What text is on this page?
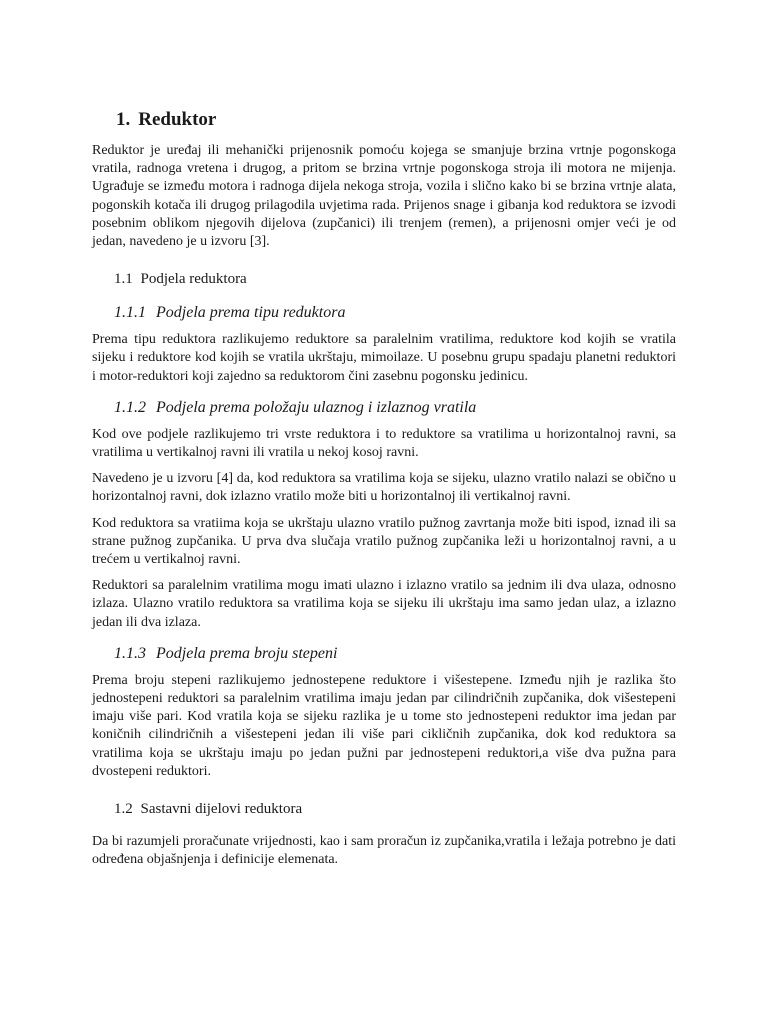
1. Reduktor

Reduktor je uređaj ili mehanički prijenosnik pomoću kojega se smanjuje brzina vrtnje pogonskoga vratila, radnoga vretena i drugog, a pritom se brzina vrtnje pogonskoga stroja ili motora ne mijenja. Ugrađuje se između motora i radnoga dijela nekoga stroja, vozila i slično kako bi se brzina vrtnje alata, pogonskih kotača ili drugog prilagodila uvjetima rada. Prijenos snage i gibanja kod reduktora se izvodi posebnim oblikom njegovih dijelova (zupčanici) ili trenjem (remen), a prijenosni omjer veći je od jedan, navedeno je u izvoru [3].

1.1 Podjela reduktora
1.1.1 Podjela prema tipu reduktora

Prema tipu reduktora razlikujemo reduktore sa paralelnim vratilima, reduktore kod kojih se vratila sijeku i reduktore kod kojih se vratila ukrštaju, mimoilaze. U posebnu grupu spadaju planetni reduktori i motor-reduktori koji zajedno sa reduktorom čini zasebnu pogonsku jedinicu.

1.1.2 Podjela prema položaju ulaznog i izlaznog vratila

Kod ove podjele razlikujemo tri vrste reduktora i to reduktore sa vratilima u horizontalnoj ravni, sa vratilima u vertikalnoj ravni ili vratila u nekoj kosoj ravni.

Navedeno je u izvoru [4] da, kod reduktora sa vratilima koja se sijeku, ulazno vratilo nalazi se obično u horizontalnoj ravni, dok izlazno vratilo može biti u horizontalnoj ili vertikalnoj ravni.

Kod reduktora sa vratiima koja se ukrštaju ulazno vratilo pužnog zavrtanja može biti ispod, iznad ili sa strane pužnog zupčanika. U prva dva slučaja vratilo pužnog zupčanika leži u horizontalnoj ravni, a u trećem u vertikalnoj ravni.

Reduktori sa paralelnim vratilima mogu imati ulazno i izlazno vratilo sa jednim ili dva ulaza, odnosno izlaza. Ulazno vratilo reduktora sa vratilima koja se sijeku ili ukrštaju ima samo jedan ulaz, a izlazno jedan ili dva izlaza.

1.1.3 Podjela prema broju stepeni

Prema broju stepeni razlikujemo jednostepene reduktore i višestepene. Između njih je razlika što jednostepeni reduktori sa paralelnim vratilima imaju jedan par cilindričnih zupčanika, dok višestepeni imaju više pari. Kod vratila koja se sijeku razlika je u tome sto jednostepeni reduktor ima jedan par koničnih cilindričnih a višestepeni jedan ili više pari cikličnih zupčanika, dok kod reduktora sa vratilima koja se ukrštaju imaju po jedan pužni par jednostepeni reduktori,a više dva pužna para dvostepeni reduktori.

1.2 Sastavni dijelovi reduktora

Da bi razumjeli proračunate vrijednosti, kao i sam proračun iz zupčanika,vratila i ležaja potrebno je dati određena objašnjenja i definicije elemenata.
